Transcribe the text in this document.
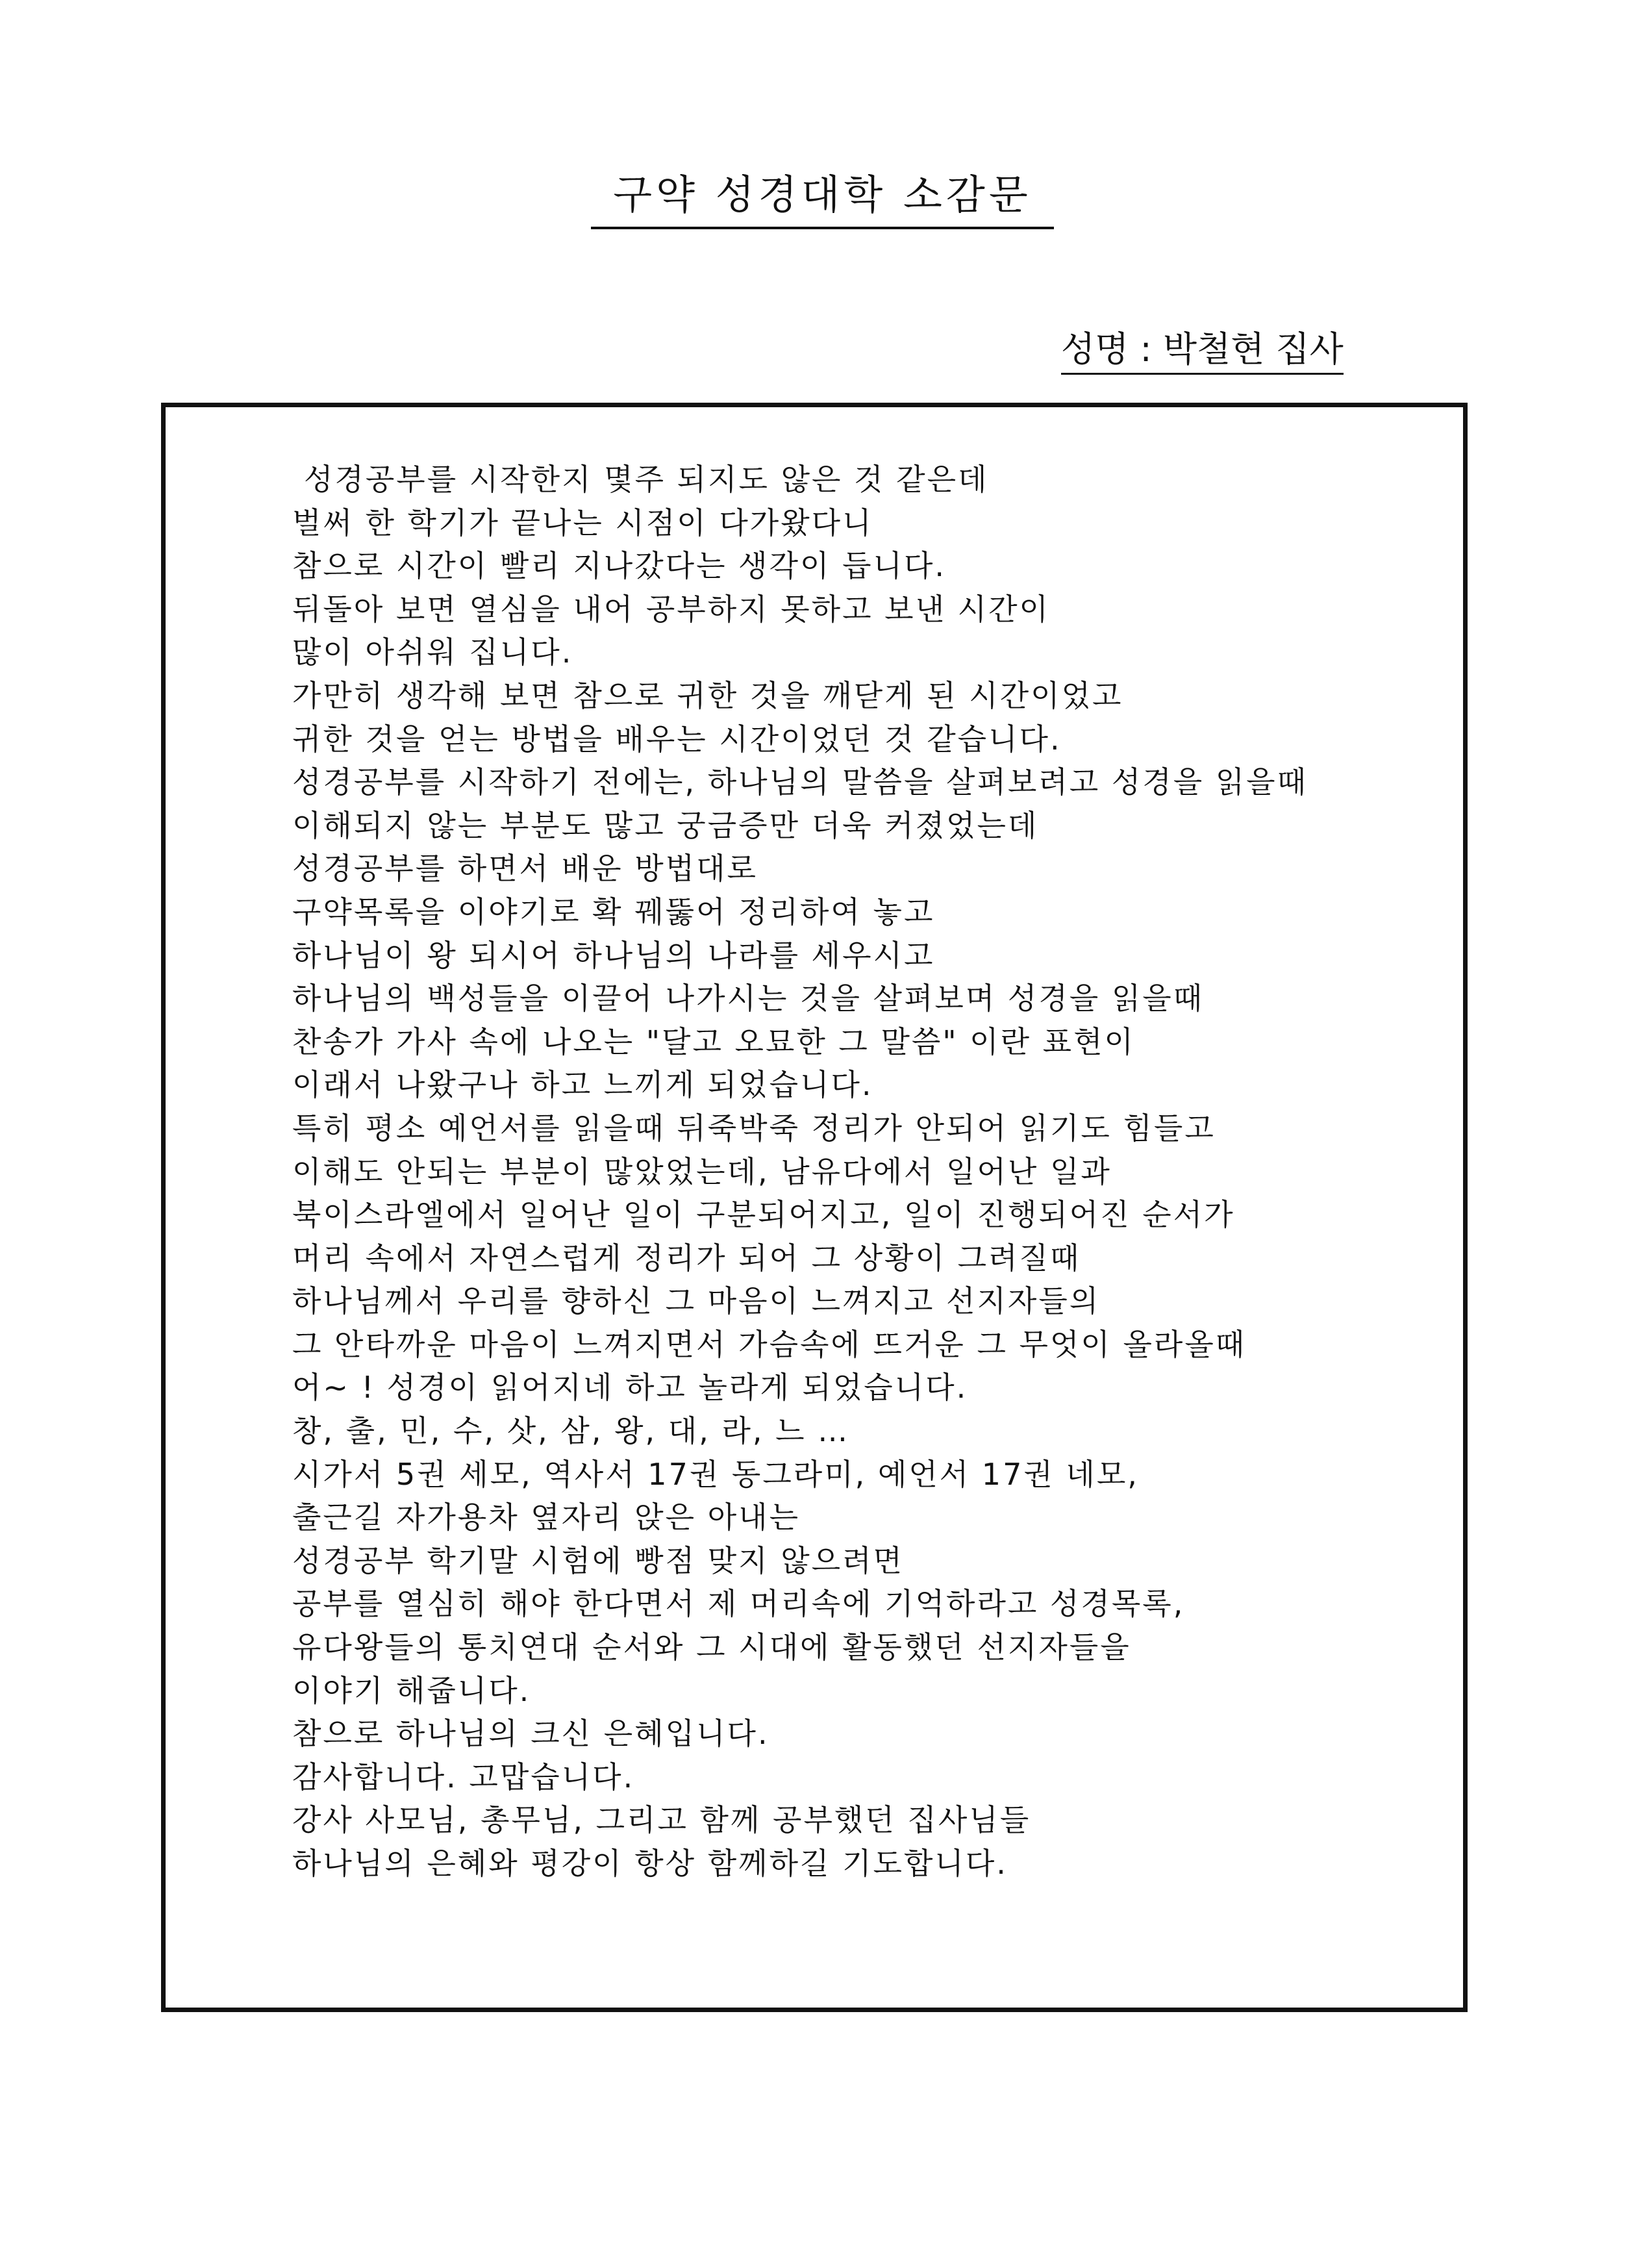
구약 성경대학 소감문
성명 : 박철현 집사
성경공부를 시작한지 몇주 되지도 않은 것 같은데
벌써 한 학기가 끝나는 시점이 다가왔다니
참으로 시간이 빨리 지나갔다는 생각이 듭니다.
뒤돌아 보면 열심을 내어 공부하지 못하고 보낸 시간이
많이 아쉬워 집니다.
가만히 생각해 보면 참으로 귀한 것을 깨닫게 된 시간이었고
귀한 것을 얻는 방법을 배우는 시간이었던 것 같습니다.
성경공부를 시작하기 전에는, 하나님의 말씀을 살펴보려고 성경을 읽을때
이해되지 않는 부분도 많고 궁금증만 더욱 커졌었는데
성경공부를 하면서 배운 방법대로
구약목록을 이야기로 확 꿰뚫어 정리하여 놓고
하나님이 왕 되시어 하나님의 나라를 세우시고
하나님의 백성들을 이끌어 나가시는 것을 살펴보며 성경을 읽을때
찬송가 가사 속에 나오는 "달고 오묘한 그 말씀" 이란 표현이
이래서 나왔구나 하고 느끼게 되었습니다.
특히 평소 예언서를 읽을때 뒤죽박죽 정리가 안되어 읽기도 힘들고
이해도 안되는 부분이 많았었는데, 남유다에서 일어난 일과
북이스라엘에서 일어난 일이 구분되어지고, 일이 진행되어진 순서가
머리 속에서 자연스럽게 정리가 되어 그 상황이 그려질때
하나님께서 우리를 향하신 그 마음이 느껴지고 선지자들의
그 안타까운 마음이 느껴지면서 가슴속에 뜨거운 그 무엇이 올라올때
어~ ! 성경이 읽어지네 하고 놀라게 되었습니다.
창, 출, 민, 수, 삿, 삼, 왕, 대, 라, 느 …
시가서 5권 세모, 역사서 17권 동그라미, 예언서 17권 네모,
출근길 자가용차 옆자리 앉은 아내는
성경공부 학기말 시험에 빵점 맞지 않으려면
공부를 열심히 해야 한다면서 제 머리속에 기억하라고 성경목록,
유다왕들의 통치연대 순서와 그 시대에 활동했던 선지자들을
이야기 해줍니다.
참으로 하나님의 크신 은혜입니다.
감사합니다. 고맙습니다.
강사 사모님, 총무님, 그리고 함께 공부했던 집사님들
하나님의 은혜와 평강이 항상 함께하길 기도합니다.
